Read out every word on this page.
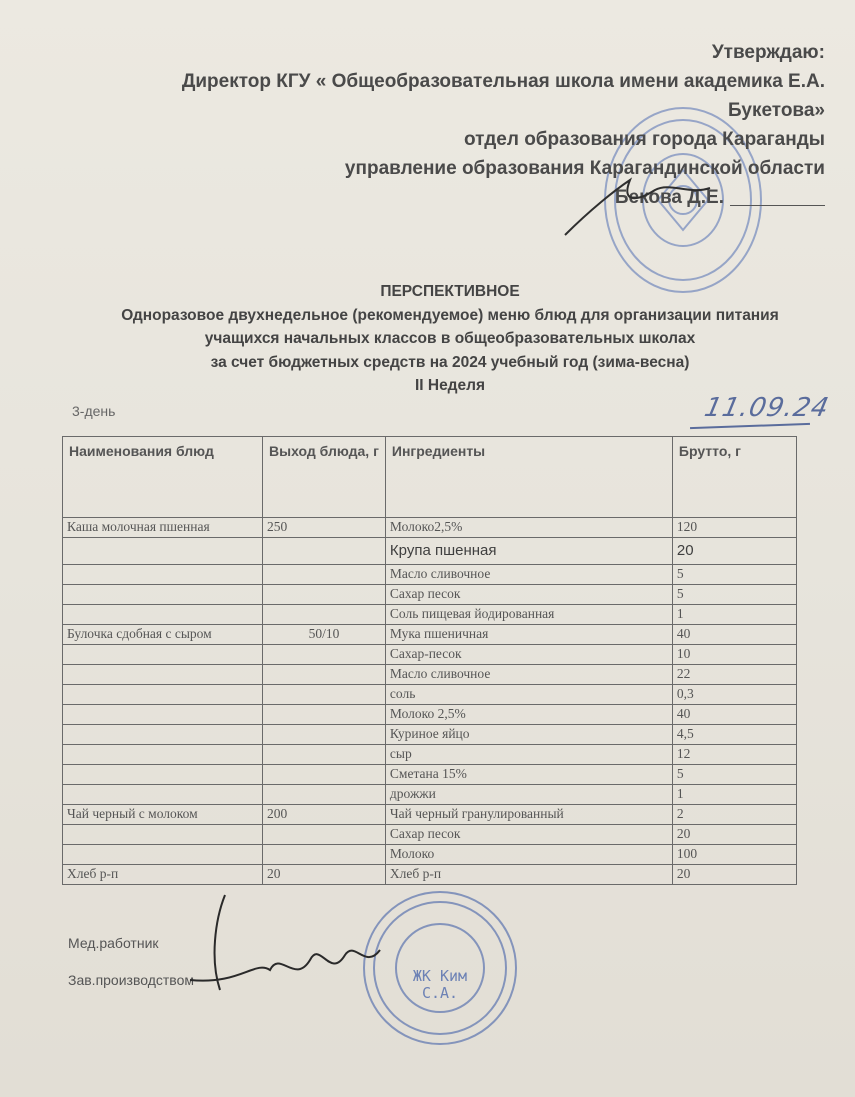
Утверждаю:
Директор КГУ « Общеобразовательная школа имени академика Е.А.
Букетова»
отдел образования города Караганды
управление образования Карагандинской области
Бекова Д.Е.
ПЕРСПЕКТИВНОЕ
Одноразовое двухнедельное (рекомендуемое) меню блюд для организации питания
учащихся начальных классов в общеобразовательных школах
за счет бюджетных средств на 2024 учебный год (зима-весна)
II Неделя
3-день	11.09.24
Наименования блюд	Выход блюда, г	Ингредиенты	Брутто, г
Каша молочная пшенная	250	Молоко2,5%	120
		Крупа пшенная	20
		Масло сливочное	5
		Сахар песок	5
		Соль пищевая йодированная	1
Булочка сдобная с сыром	50/10	Мука пшеничная	40
		Сахар-песок	10
		Масло сливочное	22
		соль	0,3
		Молоко 2,5%	40
		Куриное яйцо	4,5
		сыр	12
		Сметана 15%	5
		дрожжи	1
Чай черный с молоком	200	Чай черный гранулированный	2
		Сахар песок	20
		Молоко	100
Хлеб р-п	20	Хлеб р-п	20
Мед.работник
Зав.производством	ЖК Ким С.А.
